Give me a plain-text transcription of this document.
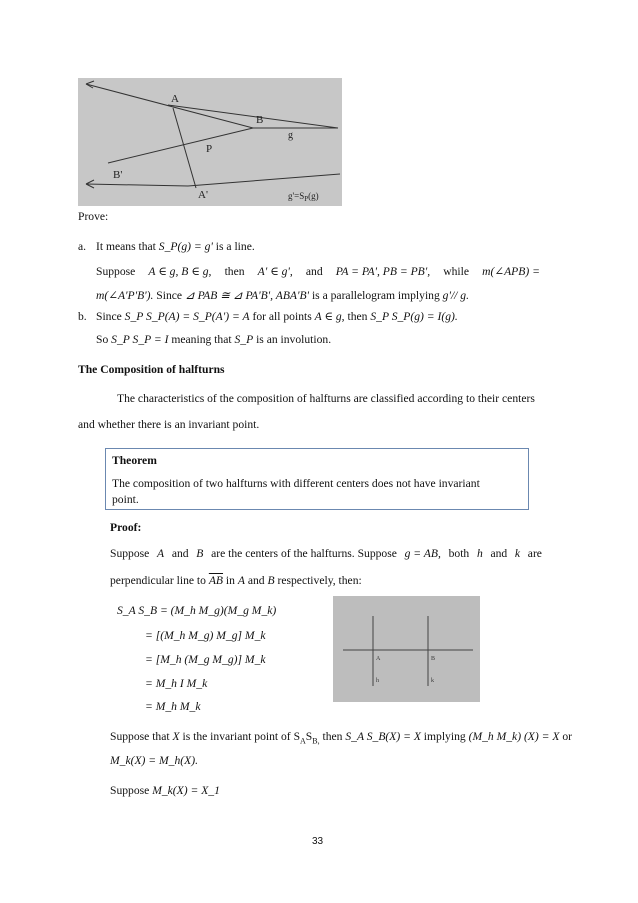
A
B
g
P
B'
A'	$g'=S_P(g)$
Prove:
a. It means that S_P(g) = g' is a line.
Suppose A ∈ g, B ∈ g, then A' ∈ g', and PA = PA', PB = PB', while m(∠APB) =
m(∠A'P'B'). Since ⊿ PAB ≅ ⊿ PA'B', ABA'B' is a parallelogram implying g'// g.
b. Since S_P S_P(A) = S_P(A') = A for all points A ∈ g, then S_P S_P(g) = I(g).
So S_P S_P = I meaning that S_P is an involution.
The Composition of halfturns
The characteristics of the composition of halfturns are classified according to their centers
and whether there is an invariant point.
Theorem
The composition of two halfturns with different centers does not have invariant
point.
Proof:
Suppose A and B are the centers of the halfturns. Suppose g = AB, both h and k are
perpendicular line to $\overline{AB}$ in A and B respectively, then:
S_A S_B = (M_h M_g)(M_g M_k)
= [(M_h M_g) M_g] M_k
= [M_h (M_g M_g)] M_k
= M_h I M_k
= M_h M_k
A	B
h	k
Suppose that X is the invariant point of $S_AS_{B,}$ then S_A S_B(X) = X implying (M_h M_k) (X) = X or
M_k(X) = M_h(X).
Suppose M_k(X) = X_1
33
